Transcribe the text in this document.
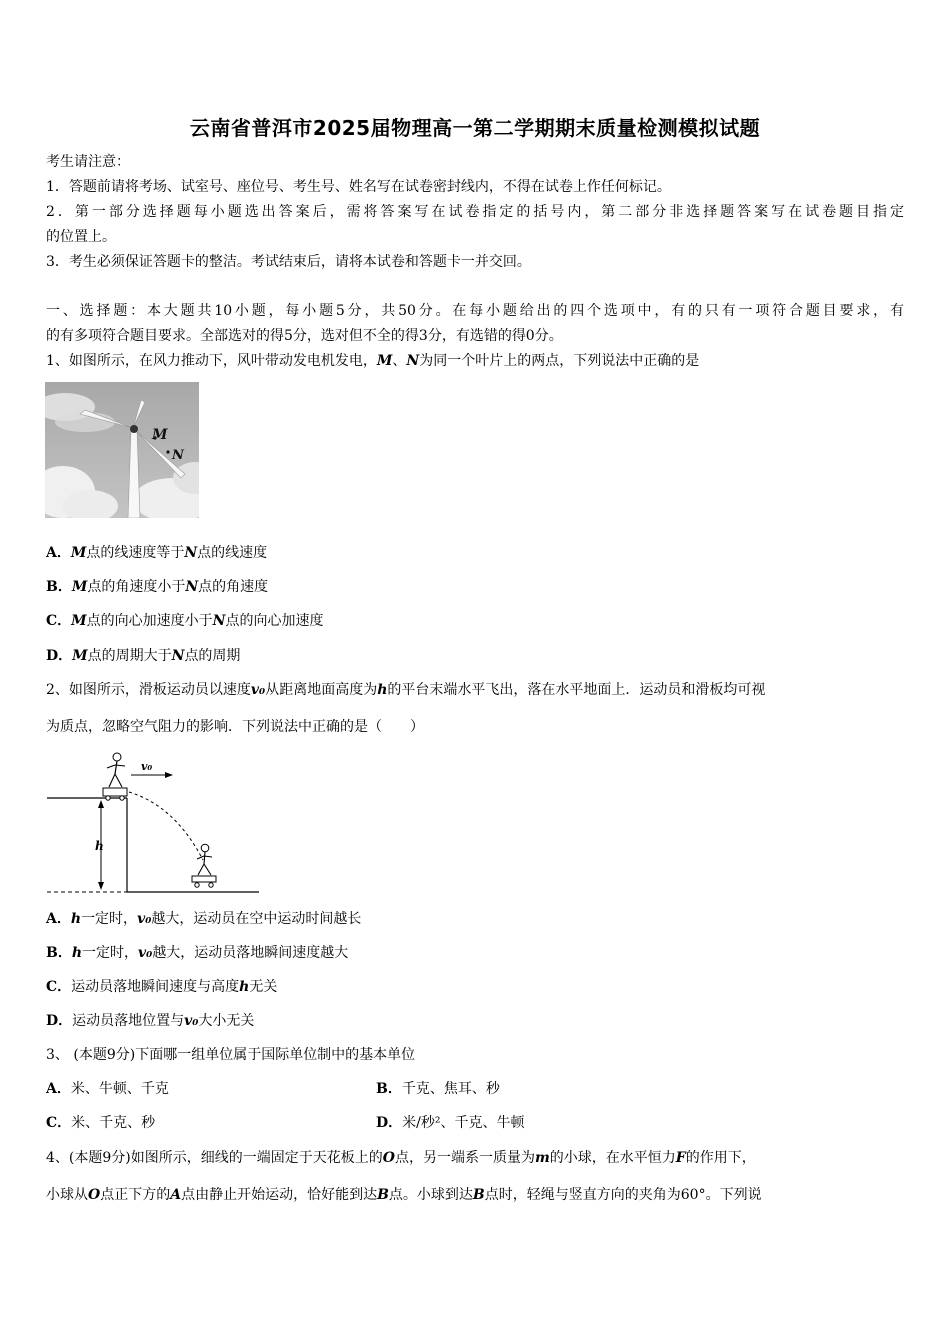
云南省普洱市2025届物理高一第二学期期末质量检测模拟试题
考生请注意：
1．答题前请将考场、试室号、座位号、考生号、姓名写在试卷密封线内，不得在试卷上作任何标记。
2．第一部分选择题每小题选出答案后，需将答案写在试卷指定的括号内，第二部分非选择题答案写在试卷题目指定
的位置上。
3．考生必须保证答题卡的整洁。考试结束后，请将本试卷和答题卡一并交回。
一、选择题：本大题共10小题，每小题5分，共50分。在每小题给出的四个选项中，有的只有一项符合题目要求，有
的有多项符合题目要求。全部选对的得5分，选对但不全的得3分，有选错的得0分。
1、如图所示，在风力推动下，风叶带动发电机发电，M、N为同一个叶片上的两点，下列说法中正确的是
M
N
A．M点的线速度等于N点的线速度
B．M点的角速度小于N点的角速度
C．M点的向心加速度小于N点的向心加速度
D．M点的周期大于N点的周期
2、如图所示，滑板运动员以速度v₀从距离地面高度为h的平台末端水平飞出，落在水平地面上．运动员和滑板均可视
为质点，忽略空气阻力的影响．下列说法中正确的是（　　）
h
v₀
A．h一定时，v₀越大，运动员在空中运动时间越长
B．h一定时，v₀越大，运动员落地瞬间速度越大
C．运动员落地瞬间速度与高度h无关
D．运动员落地位置与v₀大小无关
3、 (本题9分)下面哪一组单位属于国际单位制中的基本单位
A．米、牛顿、千克	B．千克、焦耳、秒
C．米、千克、秒	D．米/秒²、千克、牛顿
4、(本题9分)如图所示，细线的一端固定于天花板上的O点，另一端系一质量为m的小球，在水平恒力F的作用下，
小球从O点正下方的A点由静止开始运动，恰好能到达B点。小球到达B点时，轻绳与竖直方向的夹角为60°。下列说
